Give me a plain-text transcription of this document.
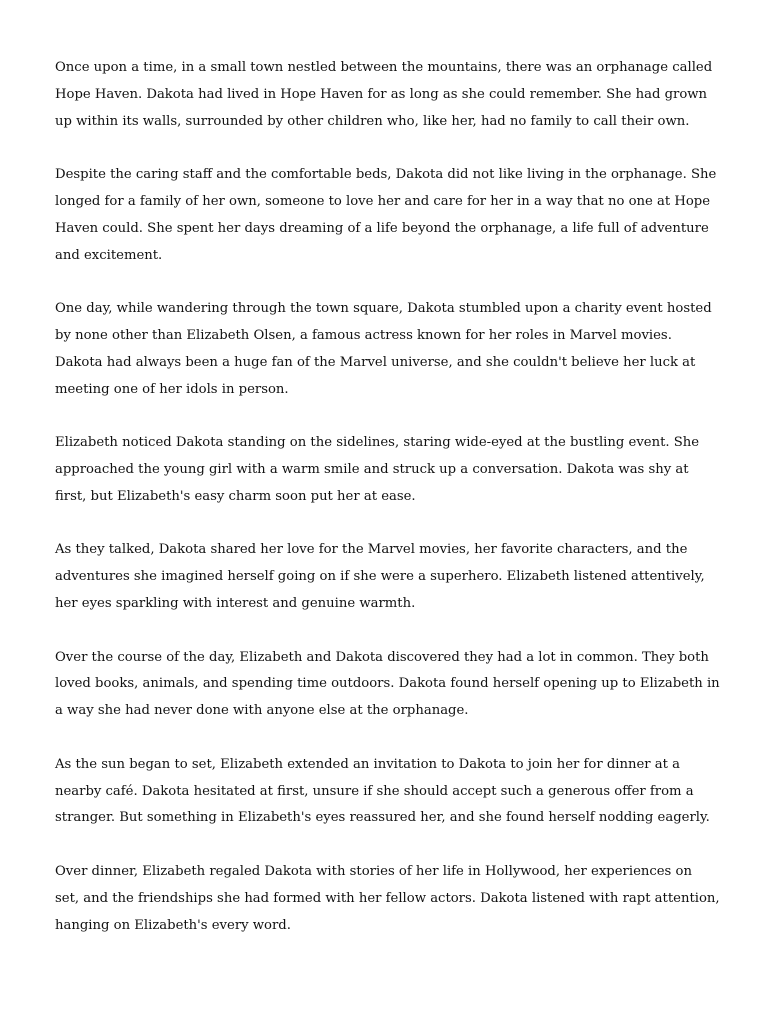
Once upon a time, in a small town nestled between the mountains, there was an orphanage called Hope Haven. Dakota had lived in Hope Haven for as long as she could remember. She had grown up within its walls, surrounded by other children who, like her, had no family to call their own.

Despite the caring staff and the comfortable beds, Dakota did not like living in the orphanage. She longed for a family of her own, someone to love her and care for her in a way that no one at Hope Haven could. She spent her days dreaming of a life beyond the orphanage, a life full of adventure and excitement.

One day, while wandering through the town square, Dakota stumbled upon a charity event hosted by none other than Elizabeth Olsen, a famous actress known for her roles in Marvel movies. Dakota had always been a huge fan of the Marvel universe, and she couldn't believe her luck at meeting one of her idols in person.

Elizabeth noticed Dakota standing on the sidelines, staring wide-eyed at the bustling event. She approached the young girl with a warm smile and struck up a conversation. Dakota was shy at first, but Elizabeth's easy charm soon put her at ease.

As they talked, Dakota shared her love for the Marvel movies, her favorite characters, and the adventures she imagined herself going on if she were a superhero. Elizabeth listened attentively, her eyes sparkling with interest and genuine warmth.

Over the course of the day, Elizabeth and Dakota discovered they had a lot in common. They both loved books, animals, and spending time outdoors. Dakota found herself opening up to Elizabeth in a way she had never done with anyone else at the orphanage.

As the sun began to set, Elizabeth extended an invitation to Dakota to join her for dinner at a nearby café. Dakota hesitated at first, unsure if she should accept such a generous offer from a stranger. But something in Elizabeth's eyes reassured her, and she found herself nodding eagerly.

Over dinner, Elizabeth regaled Dakota with stories of her life in Hollywood, her experiences on set, and the friendships she had formed with her fellow actors. Dakota listened with rapt attention, hanging on Elizabeth's every word.
